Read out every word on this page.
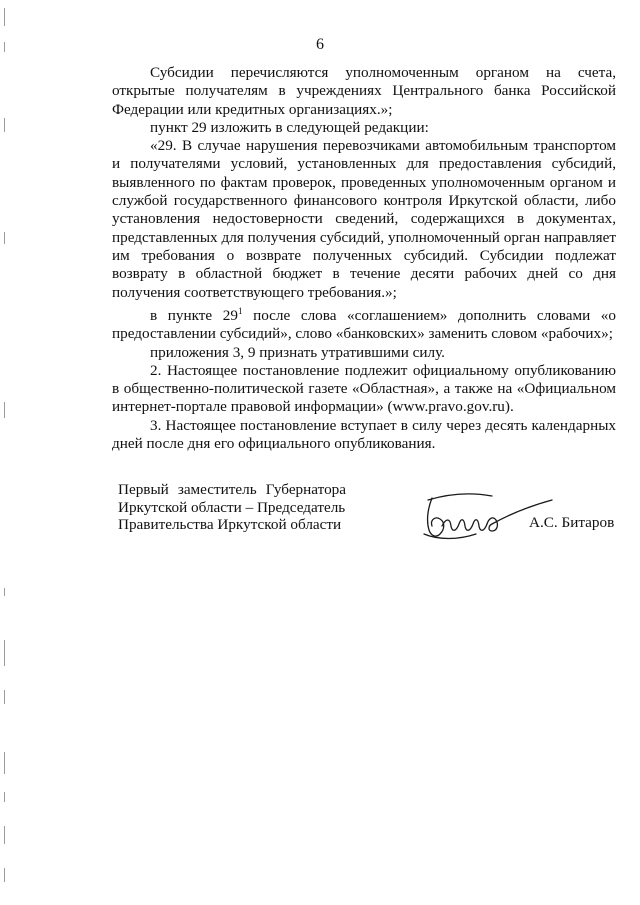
6

Субсидии перечисляются уполномоченным органом на счета, открытые получателям в учреждениях Центрального банка Российской Федерации или кредитных организациях.»;

пункт 29 изложить в следующей редакции:

«29. В случае нарушения перевозчиками автомобильным транспортом и получателями условий, установленных для предоставления субсидий, выявленного по фактам проверок, проведенных уполномоченным органом и службой государственного финансового контроля Иркутской области, либо установления недостоверности сведений, содержащихся в документах, представленных для получения субсидий, уполномоченный орган направляет им требования о возврате полученных субсидий. Субсидии подлежат возврату в областной бюджет в течение десяти рабочих дней со дня получения соответствующего требования.»;

в пункте $29^1$ после слова «соглашением» дополнить словами «о предоставлении субсидий», слово «банковских» заменить словом «рабочих»;

приложения 3, 9 признать утратившими силу.

2. Настоящее постановление подлежит официальному опубликованию в общественно-политической газете «Областная», а также на «Официальном интернет-портале правовой информации» (www.pravo.gov.ru).

3. Настоящее постановление вступает в силу через десять календарных дней после дня его официального опубликования.

Первый заместитель Губернатора
Иркутской области – Председатель
Правительства Иркутской области	А.С. Битаров
